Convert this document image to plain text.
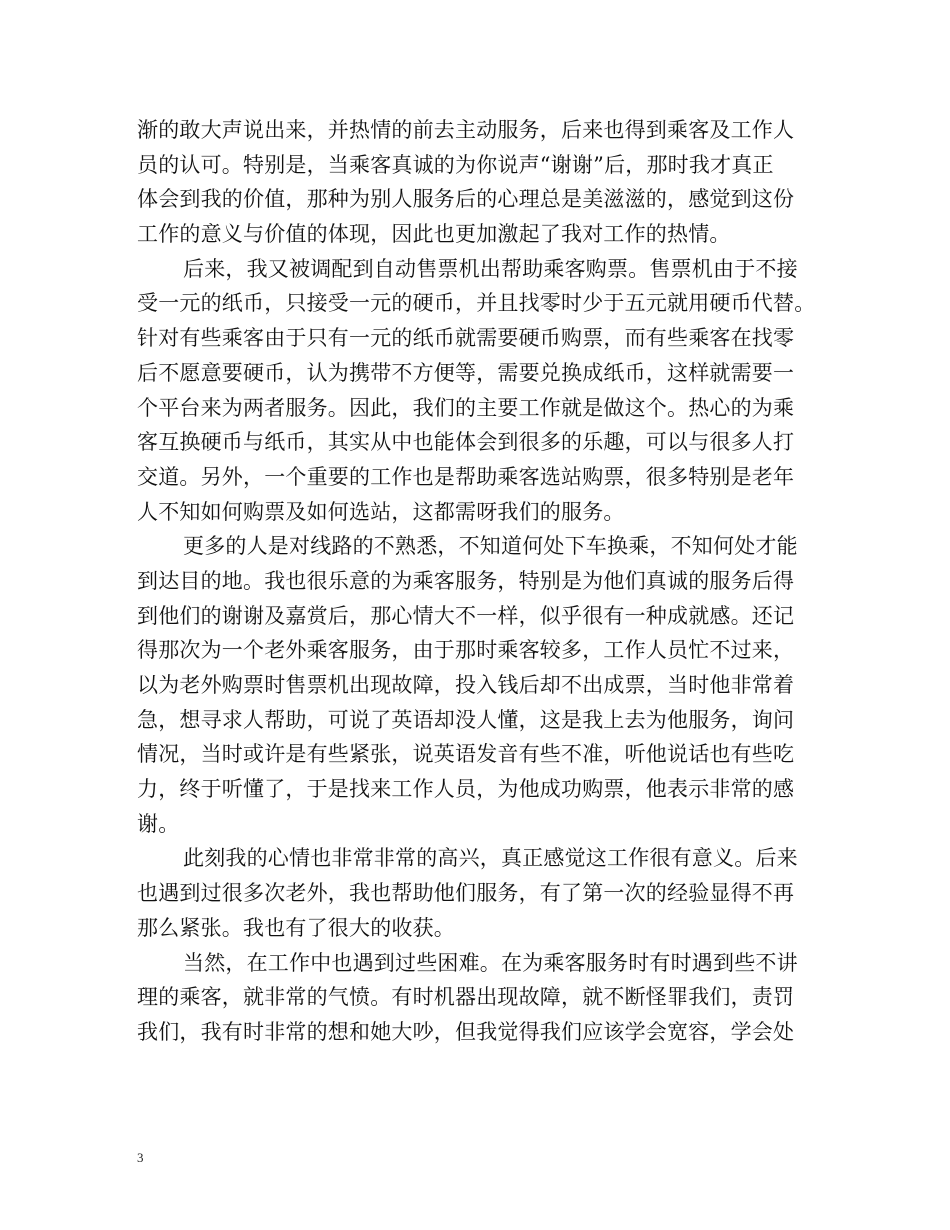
渐的敢大声说出来，并热情的前去主动服务，后来也得到乘客及工作人
员的认可。特别是，当乘客真诚的为你说声“谢谢”后，那时我才真正
体会到我的价值，那种为别人服务后的心理总是美滋滋的，感觉到这份
工作的意义与价值的体现，因此也更加激起了我对工作的热情。
后来，我又被调配到自动售票机出帮助乘客购票。售票机由于不接
受一元的纸币，只接受一元的硬币，并且找零时少于五元就用硬币代替。
针对有些乘客由于只有一元的纸币就需要硬币购票，而有些乘客在找零
后不愿意要硬币，认为携带不方便等，需要兑换成纸币，这样就需要一
个平台来为两者服务。因此，我们的主要工作就是做这个。热心的为乘
客互换硬币与纸币，其实从中也能体会到很多的乐趣，可以与很多人打
交道。另外，一个重要的工作也是帮助乘客选站购票，很多特别是老年
人不知如何购票及如何选站，这都需呀我们的服务。
更多的人是对线路的不熟悉，不知道何处下车换乘，不知何处才能
到达目的地。我也很乐意的为乘客服务，特别是为他们真诚的服务后得
到他们的谢谢及嘉赏后，那心情大不一样，似乎很有一种成就感。还记
得那次为一个老外乘客服务，由于那时乘客较多，工作人员忙不过来，
以为老外购票时售票机出现故障，投入钱后却不出成票，当时他非常着
急，想寻求人帮助，可说了英语却没人懂，这是我上去为他服务，询问
情况，当时或许是有些紧张，说英语发音有些不准，听他说话也有些吃
力，终于听懂了，于是找来工作人员，为他成功购票，他表示非常的感
谢。
此刻我的心情也非常非常的高兴，真正感觉这工作很有意义。后来
也遇到过很多次老外，我也帮助他们服务，有了第一次的经验显得不再
那么紧张。我也有了很大的收获。
当然，在工作中也遇到过些困难。在为乘客服务时有时遇到些不讲
理的乘客，就非常的气愤。有时机器出现故障，就不断怪罪我们，责罚
我们，我有时非常的想和她大吵，但我觉得我们应该学会宽容，学会处
3
